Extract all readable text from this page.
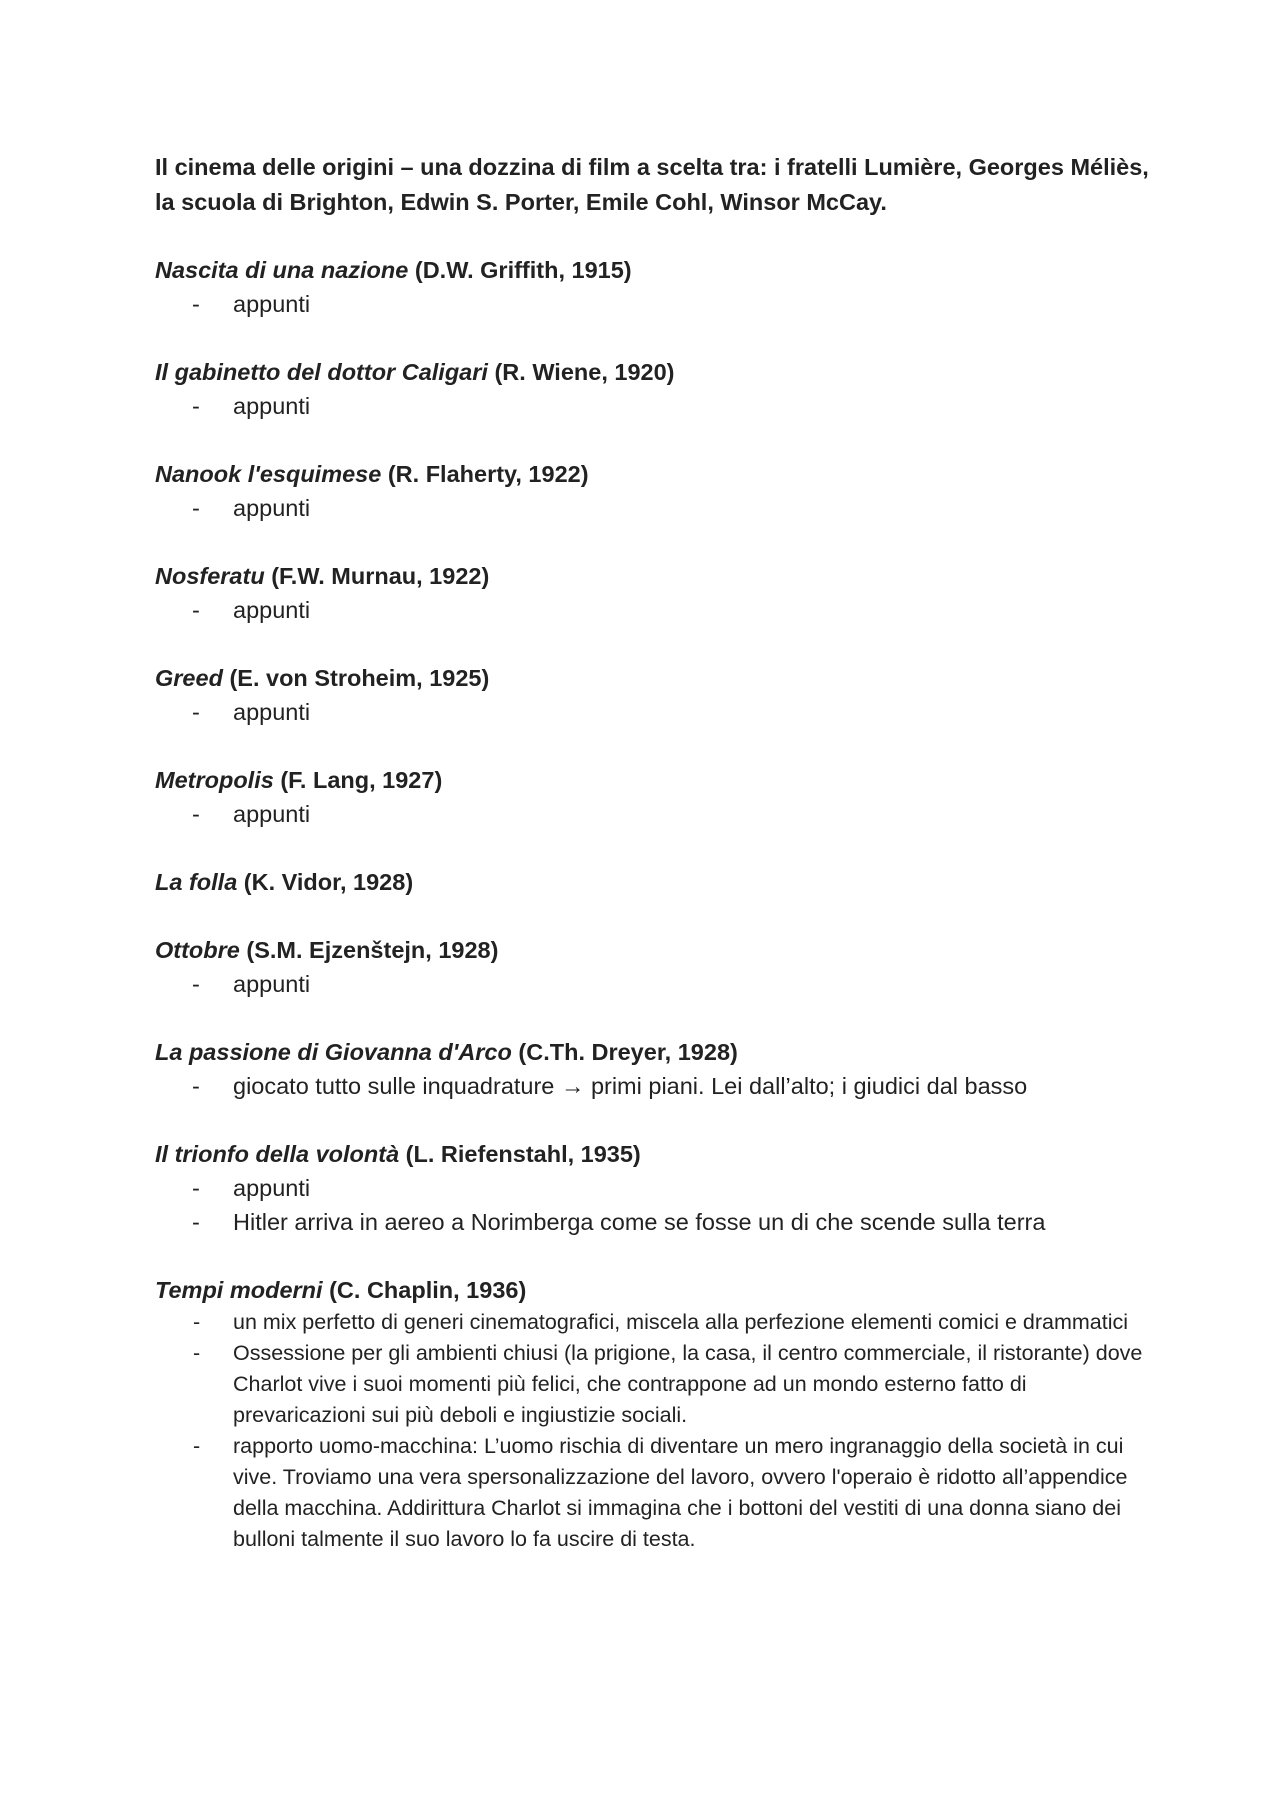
Il cinema delle origini – una dozzina di film a scelta tra: i fratelli Lumière, Georges Méliès, la scuola di Brighton, Edwin S. Porter, Emile Cohl, Winsor McCay.

Nascita di una nazione (D.W. Griffith, 1915)

- appunti

Il gabinetto del dottor Caligari (R. Wiene, 1920)

- appunti

Nanook l'esquimese (R. Flaherty, 1922)

- appunti

Nosferatu (F.W. Murnau, 1922)

- appunti

Greed (E. von Stroheim, 1925)

- appunti

Metropolis (F. Lang, 1927)

- appunti

La folla (K. Vidor, 1928)

Ottobre (S.M. Ejzenštejn, 1928)

- appunti

La passione di Giovanna d'Arco (C.Th. Dreyer, 1928)

- giocato tutto sulle inquadrature → primi piani. Lei dall’alto; i giudici dal basso

Il trionfo della volontà (L. Riefenstahl, 1935)

- appunti
- Hitler arriva in aereo a Norimberga come se fosse un di che scende sulla terra

Tempi moderni (C. Chaplin, 1936)

- un mix perfetto di generi cinematografici, miscela alla perfezione elementi comici e drammatici
- Ossessione per gli ambienti chiusi (la prigione, la casa, il centro commerciale, il ristorante) dove Charlot vive i suoi momenti più felici, che contrappone ad un mondo esterno fatto di prevaricazioni sui più deboli e ingiustizie sociali.
- rapporto uomo-macchina: L’uomo rischia di diventare un mero ingranaggio della società in cui vive. Troviamo una vera spersonalizzazione del lavoro, ovvero l'operaio è ridotto all’appendice della macchina. Addirittura Charlot si immagina che i bottoni del vestiti di una donna siano dei bulloni talmente il suo lavoro lo fa uscire di testa.
